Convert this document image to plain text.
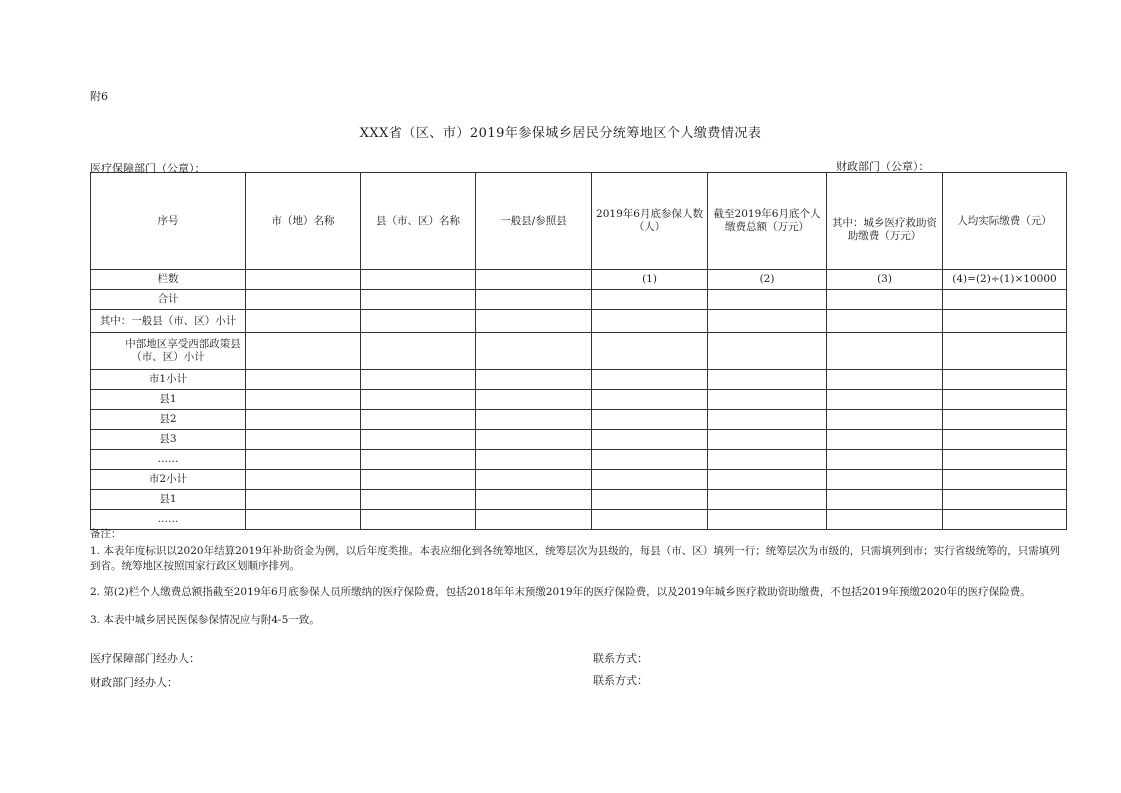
附6
XXX省（区、市）2019年参保城乡居民分统筹地区个人缴费情况表
医疗保障部门（公章）：	财政部门（公章）：
序号	市（地）名称	县（市、区）名称	一般县/参照县	2019年6月底参保人数（人）	截至2019年6月底个人缴费总额（万元）	其中：城乡医疗救助资助缴费（万元）	人均实际缴费（元）
栏数				(1)	(2)	(3)	(4)=(2)÷(1)×10000
合计							
其中：一般县（市、区）小计							
中部地区享受西部政策县（市、区）小计							
市1小计							
县1							
县2							
县3							
……							
市2小计							
县1							
……							

备注：

1. 本表年度标识以2020年结算2019年补助资金为例，以后年度类推。本表应细化到各统筹地区，统筹层次为县级的，每县（市、区）填列一行；统筹层次为市级的，只需填列到市；实行省级统筹的，只需填列到省。统筹地区按照国家行政区划顺序排列。

2. 第(2)栏个人缴费总额指截至2019年6月底参保人员所缴纳的医疗保险费，包括2018年年末预缴2019年的医疗保险费，以及2019年城乡医疗救助资助缴费，不包括2019年预缴2020年的医疗保险费。

3. 本表中城乡居民医保参保情况应与附4-5一致。

医疗保障部门经办人：	联系方式：
财政部门经办人：	联系方式：
